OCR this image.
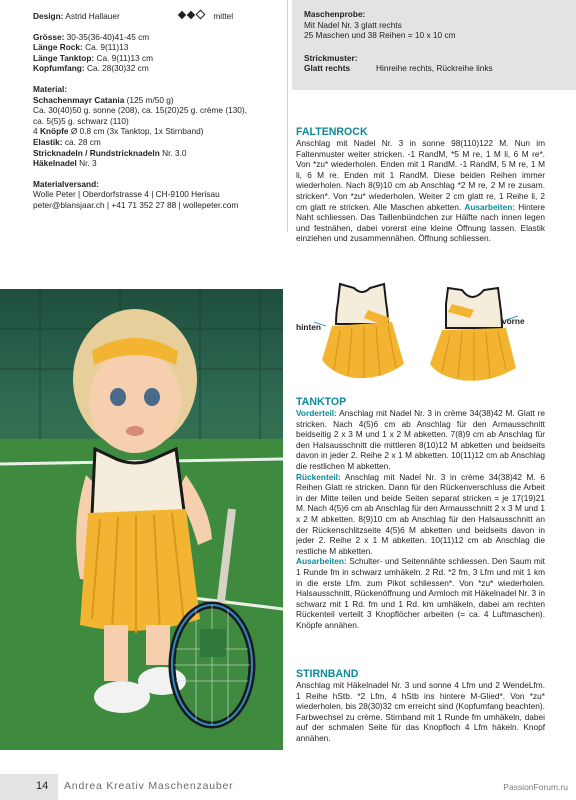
Design: Astrid Hallauer	mittel

Grösse: 30-35(36-40)41-45 cm

Länge Rock: Ca. 9(11)13

Länge Tanktop: Ca. 9(11)13 cm

Kopfumfang: Ca. 28(30)32 cm

Material:

Schachenmayr Catania (125 m/50 g)

Ca. 30(40)50 g. sonne (208), ca. 15(20)25 g. crème (130),

ca. 5(5)5 g. schwarz (110)

4 Knöpfe Ø 0.8 cm (3x Tanktop, 1x Stirnband)

Elastik: ca. 28 cm

Stricknadeln / Rundstricknadeln Nr. 3.0

Häkelnadel Nr. 3

Materialversand:

Wolle Peter | Oberdorfstrasse 4 | CH-9100 Herisau

peter@blansjaar.ch | +41 71 352 27 88 | wollepeter.com

Maschenprobe:

Mit Nadel Nr. 3 glatt rechts

25 Maschen und 38 Reihen = 10 x 10 cm

Strickmuster:

Glatt rechts	Hinreihe rechts, Rückreihe links

FALTENROCK

Anschlag mit Nadel Nr. 3 in sonne 98(110)122 M. Nun im Faltenmuster weiter stricken. -1 RandM, *5 M re, 1 M li, 6 M re*. Von *zu* wiederholen. Enden mit 1 RandM. -1 RandM, 5 M re, 1 M li, 6 M re. Enden mit 1 RandM. Diese beiden Reihen immer wiederholen. Nach 8(9)10 cm ab Anschlag *2 M re, 2 M re zusam. stricken*. Von *zu* wiederholen. Weiter 2 cm glatt re, 1 Reihe li, 2 cm glatt re stricken. Alle Maschen abketten. Ausarbeiten: Hintere Naht schliessen. Das Taillenbündchen zur Hälfte nach innen legen und festnähen, dabei vorerst eine kleine Öffnung lassen. Elastik einziehen und zusammennähen. Öffnung schliessen.

hinten
vorne
TANKTOP

Vorderteil: Anschlag mit Nadel Nr. 3 in crème 34(38)42 M. Glatt re stricken. Nach 4(5)6 cm ab Anschlag für den Armausschnitt beidseitig 2 x 3 M und 1 x 2 M abketten. 7(8)9 cm ab Anschlag für den Halsausschnitt die mittleren 8(10)12 M abketten und beidseits davon in jeder 2. Reihe 2 x 1 M abketten. 10(11)12 cm ab Anschlag die restlichen M abketten.

Rückenteil: Anschlag mit Nadel Nr. 3 in crème 34(38)42 M. 6 Reihen Glatt re stricken. Dann für den Rückenverschluss die Arbeit in der Mitte teilen und beide Seiten separat stricken = je 17(19)21 M. Nach 4(5)6 cm ab Anschlag für den Armausschnitt 2 x 3 M und 1 x 2 M abketten. 8(9)10 cm ab Anschlag für den Halsausschnitt an der Rückenschlitzseite 4(5)6 M abketten und beidseits davon in jeder 2. Reihe 2 x 1 M abketten. 10(11)12 cm ab Anschlag die restliche M abketten.

Ausarbeiten: Schulter- und Seitennähte schliessen. Den Saum mit 1 Runde fm in schwarz umhäkeln. 2 Rd. *2 fm, 3 Lfm und mit 1 km in die erste Lfm. zum Pikot schliessen*. Von *zu* wiederholen. Halsausschnitt, Rückenöffnung und Armloch mit Häkelnadel Nr. 3 in schwarz mit 1 Rd. fm und 1 Rd. km umhäkeln, dabei am rechten Rückenteil verteilt 3 Knopflöcher arbeiten (= ca. 4 Luftmaschen). Knöpfe annähen.

STIRNBAND

Anschlag mit Häkelnadel Nr. 3 und sonne 4 Lfm und 2 WendeLfm. 1 Reihe hStb. *2 Lfm, 4 hStb ins hintere M-Glied*. Von *zu* wiederholen, bis 28(30)32 cm erreicht sind (Kopfumfang beachten). Farbwechsel zu crème. Stirnband mit 1 Runde fm umhäkeln, dabei auf der schmalen Seite für das Knopfloch 4 Lfm häkeln. Knopf annähen.

14 Andrea Kreativ Maschenzauber	PassionForum.ru
